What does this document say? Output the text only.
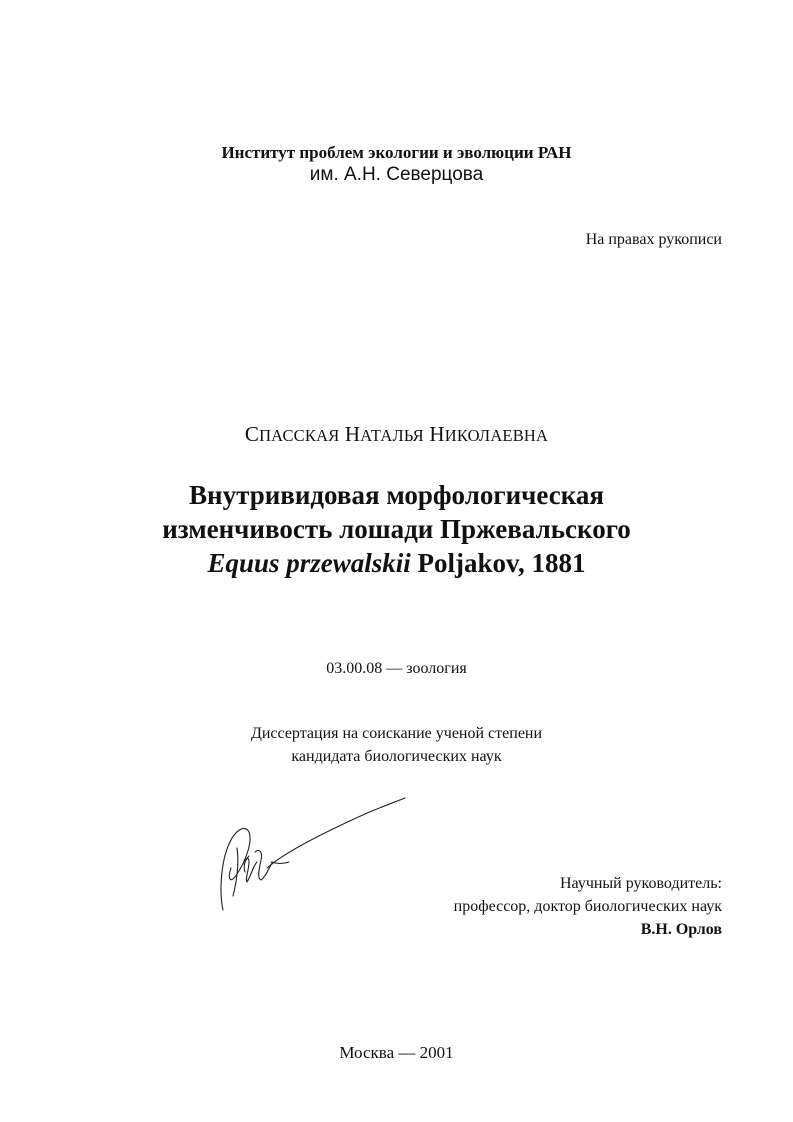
Институт проблем экологии и эволюции РАН
им. А.Н. Северцова
На правах рукописи
СПАССКАЯ НАТАЛЬЯ НИКОЛАЕВНА
Внутривидовая морфологическая
изменчивость лошади Пржевальского
Equus przewalskii Poljakov, 1881
03.00.08 — зоология
Диссертация на соискание ученой степени
кандидата биологических наук
Научный руководитель:
профессор, доктор биологических наук
В.Н. Орлов
Москва — 2001
